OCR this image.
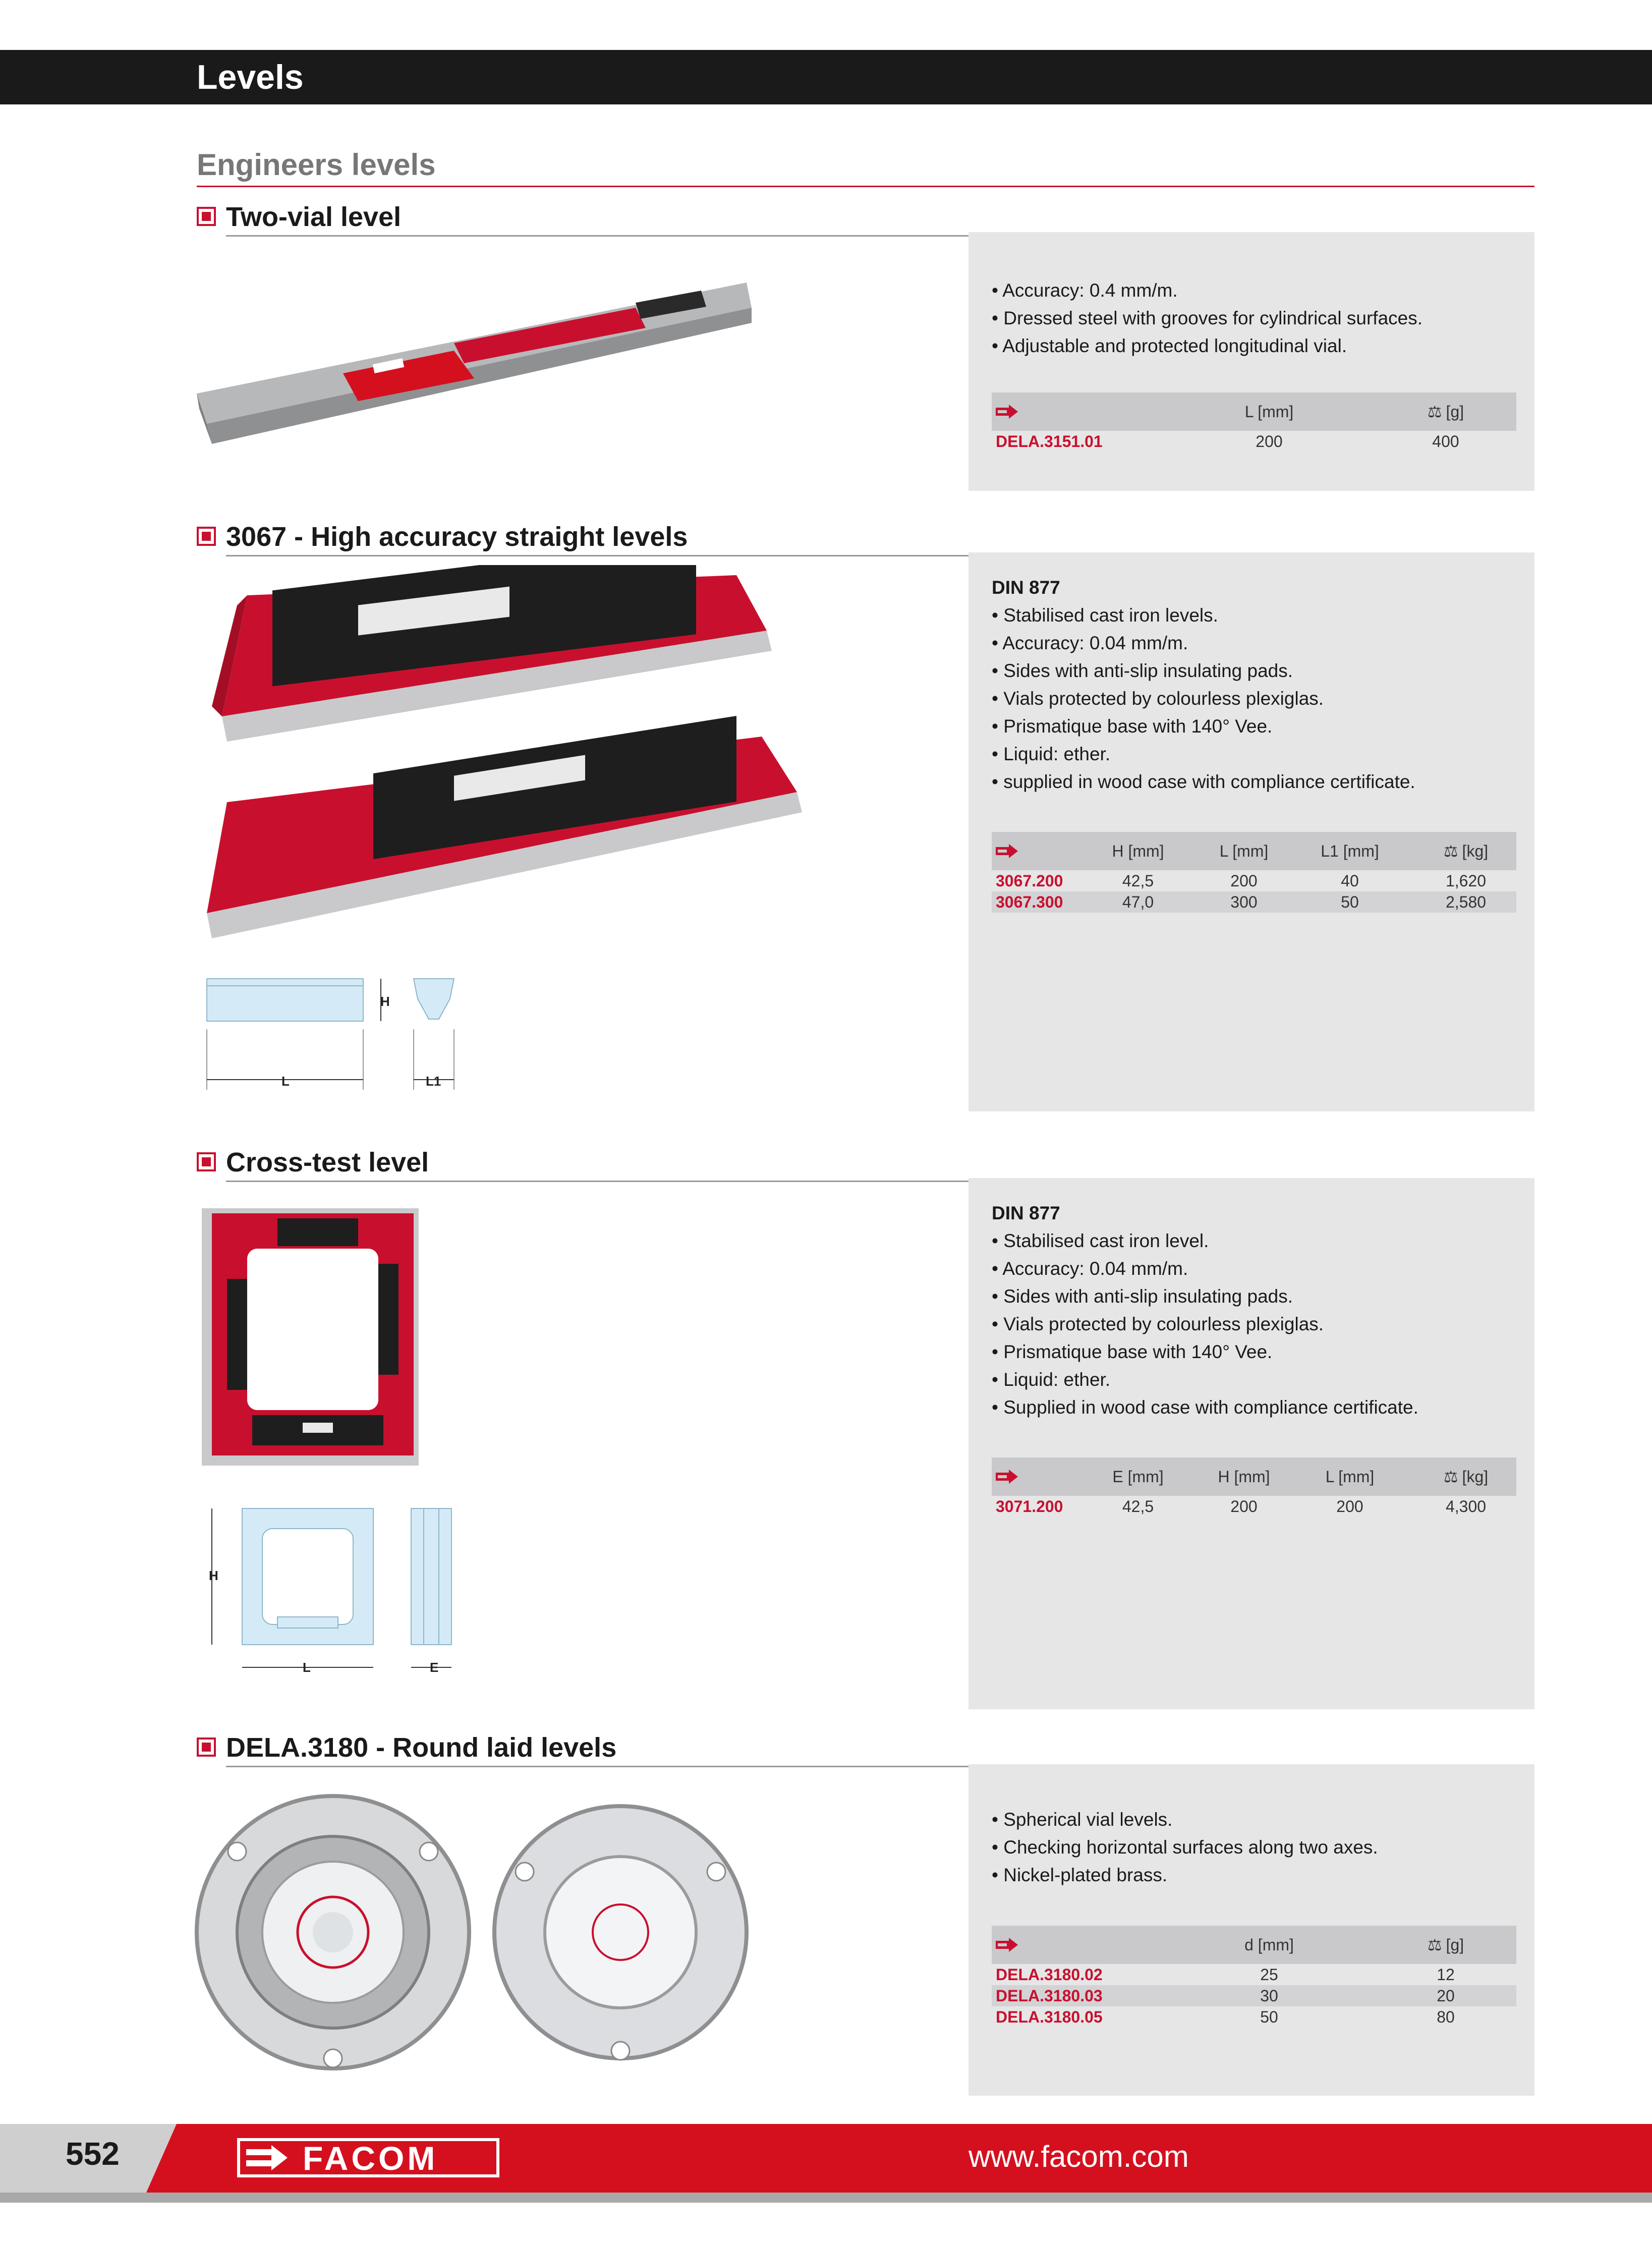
Levels
Engineers levels
Two-vial level
• Accuracy: 0.4 mm/m.
• Dressed steel with grooves for cylindrical surfaces.
• Adjustable and protected longitudinal vial.
L [mm]	⚖ [g]
DELA.3151.01	200	400
3067 - High accuracy straight levels
H
L	L1
DIN 877
• Stabilised cast iron levels.
• Accuracy: 0.04 mm/m.
• Sides with anti-slip insulating pads.
• Vials protected by colourless plexiglas.
• Prismatique base with 140° Vee.
• Liquid: ether.
• supplied in wood case with compliance certificate.
H [mm]	L [mm]	L1 [mm]	⚖ [kg]
3067.200	42,5	200	40	1,620
3067.300	47,0	300	50	2,580
Cross-test level
H
L	E
DIN 877
• Stabilised cast iron level.
• Accuracy: 0.04 mm/m.
• Sides with anti-slip insulating pads.
• Vials protected by colourless plexiglas.
• Prismatique base with 140° Vee.
• Liquid: ether.
• Supplied in wood case with compliance certificate.
E [mm]	H [mm]	L [mm]	⚖ [kg]
3071.200	42,5	200	200	4,300
DELA.3180 - Round laid levels
• Spherical vial levels.
• Checking horizontal surfaces along two axes.
• Nickel-plated brass.
d [mm]	⚖ [g]
DELA.3180.02	25	12
DELA.3180.03	30	20
DELA.3180.05	50	80
552	FACOM	www.facom.com
